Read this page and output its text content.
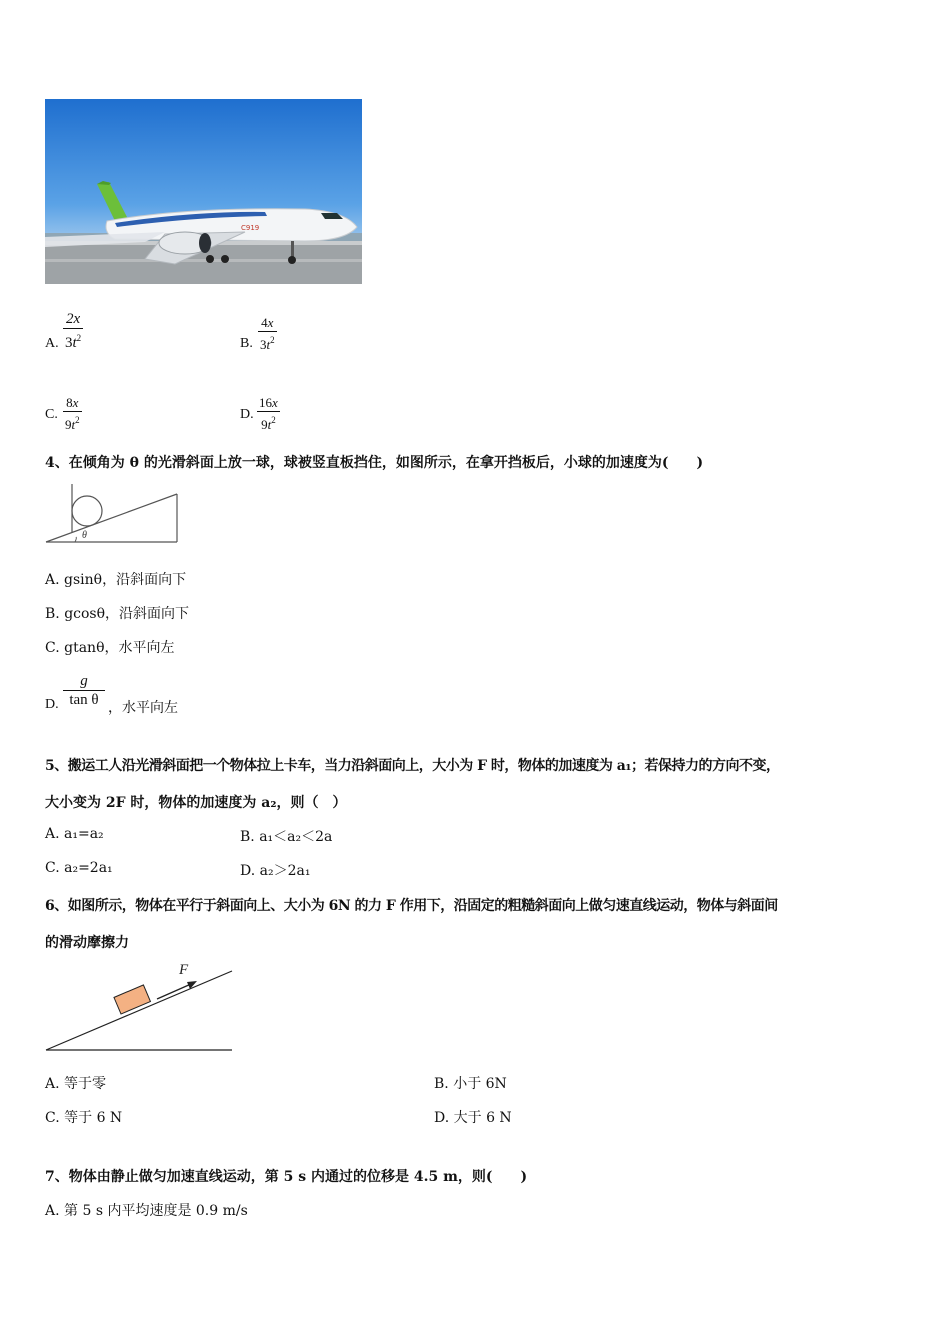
C919
A. $\frac{2x}{3t^2}$	B. $\frac{4x}{3t^2}$
C. $\frac{8x}{9t^2}$	D. $\frac{16x}{9t^2}$
4、在倾角为 θ 的光滑斜面上放一球，球被竖直板挡住，如图所示，在拿开挡板后，小球的加速度为(　　)
θ
A. gsinθ，沿斜面向下
B. gcosθ，沿斜面向下
C. gtanθ，水平向左
D. $\frac{g}{\text{tan θ}}$ ，水平向左
5、搬运工人沿光滑斜面把一个物体拉上卡车，当力沿斜面向上，大小为 F 时，物体的加速度为 a₁；若保持力的方向不变，
大小变为 2F 时，物体的加速度为 a₂，则（　）
A. a₁=a₂	B. a₁＜a₂＜2a
C. a₂=2a₁	D. a₂＞2a₁
6、如图所示，物体在平行于斜面向上、大小为 6N 的力 F 作用下，沿固定的粗糙斜面向上做匀速直线运动，物体与斜面间
的滑动摩擦力
F
A. 等于零	B. 小于 6N
C. 等于 6 N	D. 大于 6 N
7、物体由静止做匀加速直线运动，第 5 s 内通过的位移是 4.5 m，则(　　)
A. 第 5 s 内平均速度是 0.9 m/s
